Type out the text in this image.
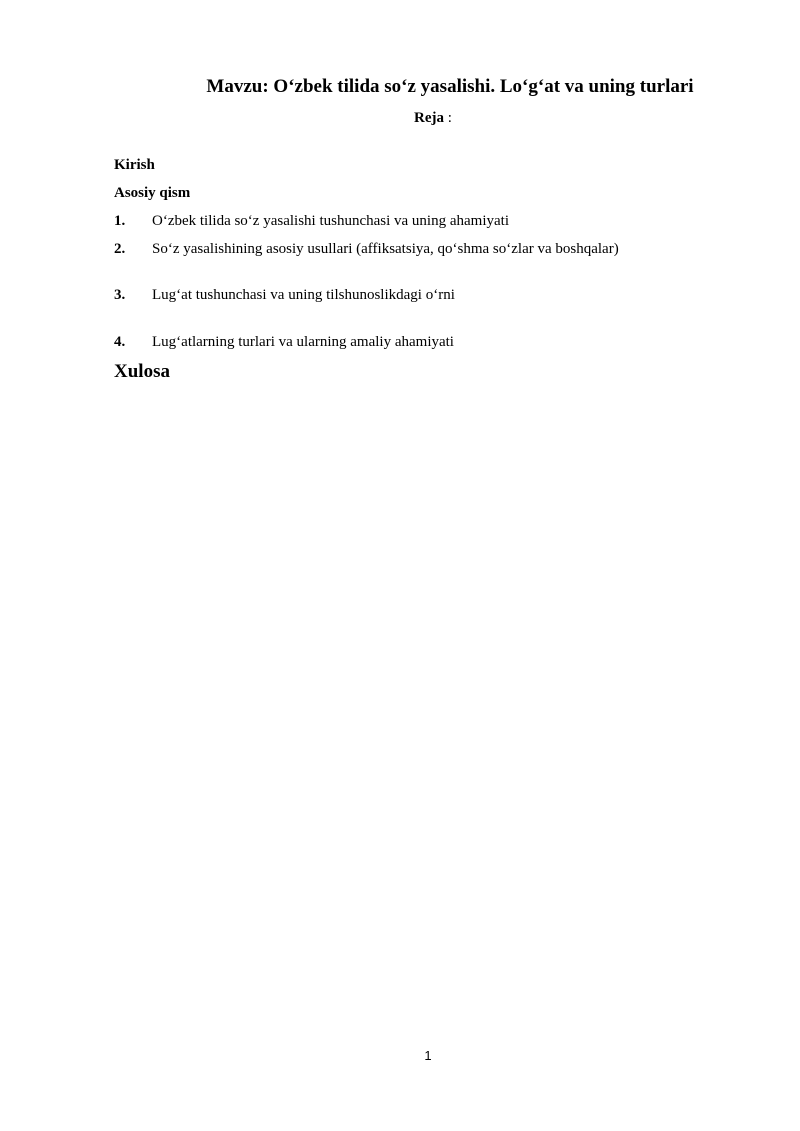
Mavzu: O‘zbek tilida so‘z yasalishi. Lo‘g‘at va uning turlari
Reja :
Kirish
Asosiy qism
1. O‘zbek tilida so‘z yasalishi tushunchasi va uning ahamiyati
2. So‘z yasalishining asosiy usullari (affiksatsiya, qo‘shma so‘zlar va boshqalar)
3. Lug‘at tushunchasi va uning tilshunoslikdagi o‘rni
4. Lug‘atlarning turlari va ularning amaliy ahamiyati
Xulosa
1
